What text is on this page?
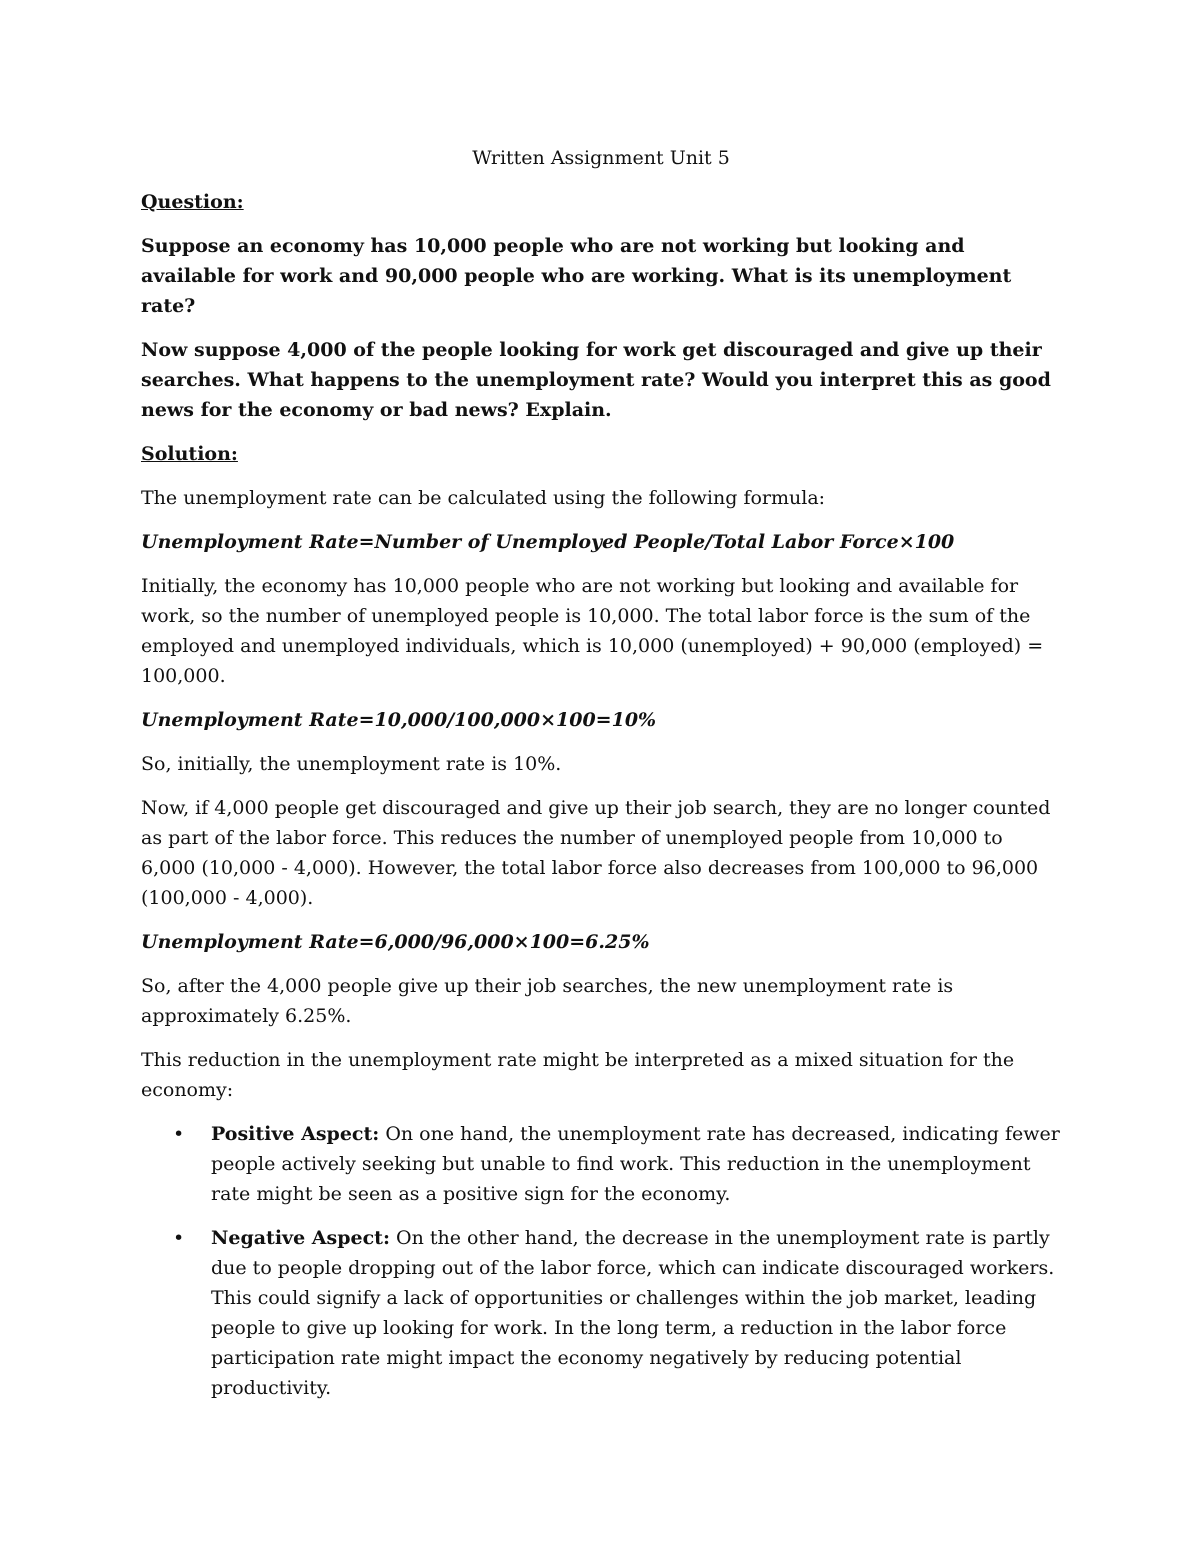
Written Assignment Unit 5
Question:

Suppose an economy has 10,000 people who are not working but looking and available for work and 90,000 people who are working. What is its unemployment rate?

Now suppose 4,000 of the people looking for work get discouraged and give up their searches. What happens to the unemployment rate? Would you interpret this as good news for the economy or bad news? Explain.

Solution:

The unemployment rate can be calculated using the following formula:

Unemployment Rate=Number of Unemployed People/Total Labor Force×100

Initially, the economy has 10,000 people who are not working but looking and available for work, so the number of unemployed people is 10,000. The total labor force is the sum of the employed and unemployed individuals, which is 10,000 (unemployed) + 90,000 (employed) = 100,000.

Unemployment Rate=10,000/100,000×100=10%

So, initially, the unemployment rate is 10%.

Now, if 4,000 people get discouraged and give up their job search, they are no longer counted as part of the labor force. This reduces the number of unemployed people from 10,000 to 6,000 (10,000 - 4,000). However, the total labor force also decreases from 100,000 to 96,000 (100,000 - 4,000).

Unemployment Rate=6,000/96,000×100=6.25%

So, after the 4,000 people give up their job searches, the new unemployment rate is approximately 6.25%.

This reduction in the unemployment rate might be interpreted as a mixed situation for the economy:

• Positive Aspect: On one hand, the unemployment rate has decreased, indicating fewer people actively seeking but unable to find work. This reduction in the unemployment rate might be seen as a positive sign for the economy.
• Negative Aspect: On the other hand, the decrease in the unemployment rate is partly due to people dropping out of the labor force, which can indicate discouraged workers. This could signify a lack of opportunities or challenges within the job market, leading people to give up looking for work. In the long term, a reduction in the labor force participation rate might impact the economy negatively by reducing potential productivity.
